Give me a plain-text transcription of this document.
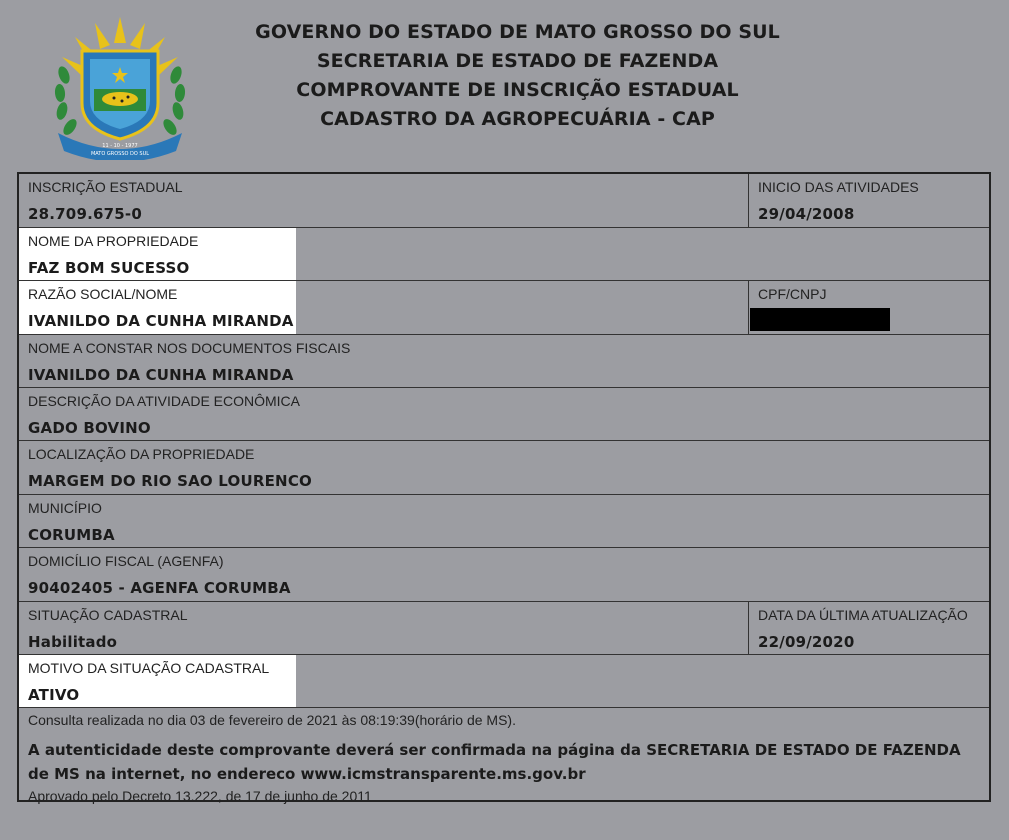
11 - 10 - 1977
MATO GROSSO DO SUL
GOVERNO DO ESTADO DE MATO GROSSO DO SUL
SECRETARIA DE ESTADO DE FAZENDA
COMPROVANTE DE INSCRIÇÃO ESTADUAL
CADASTRO DA AGROPECUÁRIA - CAP
INSCRIÇÃO ESTADUAL
28.709.675-0
INICIO DAS ATIVIDADES
29/04/2008
NOME DA PROPRIEDADE
FAZ BOM SUCESSO
RAZÃO SOCIAL/NOME
IVANILDO DA CUNHA MIRANDA
CPF/CNPJ
NOME A CONSTAR NOS DOCUMENTOS FISCAIS
IVANILDO DA CUNHA MIRANDA
DESCRIÇÃO DA ATIVIDADE ECONÔMICA
GADO BOVINO
LOCALIZAÇÃO DA PROPRIEDADE
MARGEM DO RIO SAO LOURENCO
MUNICÍPIO
CORUMBA
DOMICÍLIO FISCAL (AGENFA)
90402405 - AGENFA CORUMBA
SITUAÇÃO CADASTRAL
Habilitado
DATA DA ÚLTIMA ATUALIZAÇÃO
22/09/2020
MOTIVO DA SITUAÇÃO CADASTRAL
ATIVO
Consulta realizada no dia 03 de fevereiro de 2021 às 08:19:39(horário de MS).
A autenticidade deste comprovante deverá ser confirmada na página da SECRETARIA DE ESTADO DE FAZENDA de MS na internet, no endereco www.icmstransparente.ms.gov.br
Aprovado pelo Decreto 13.222, de 17 de junho de 2011
